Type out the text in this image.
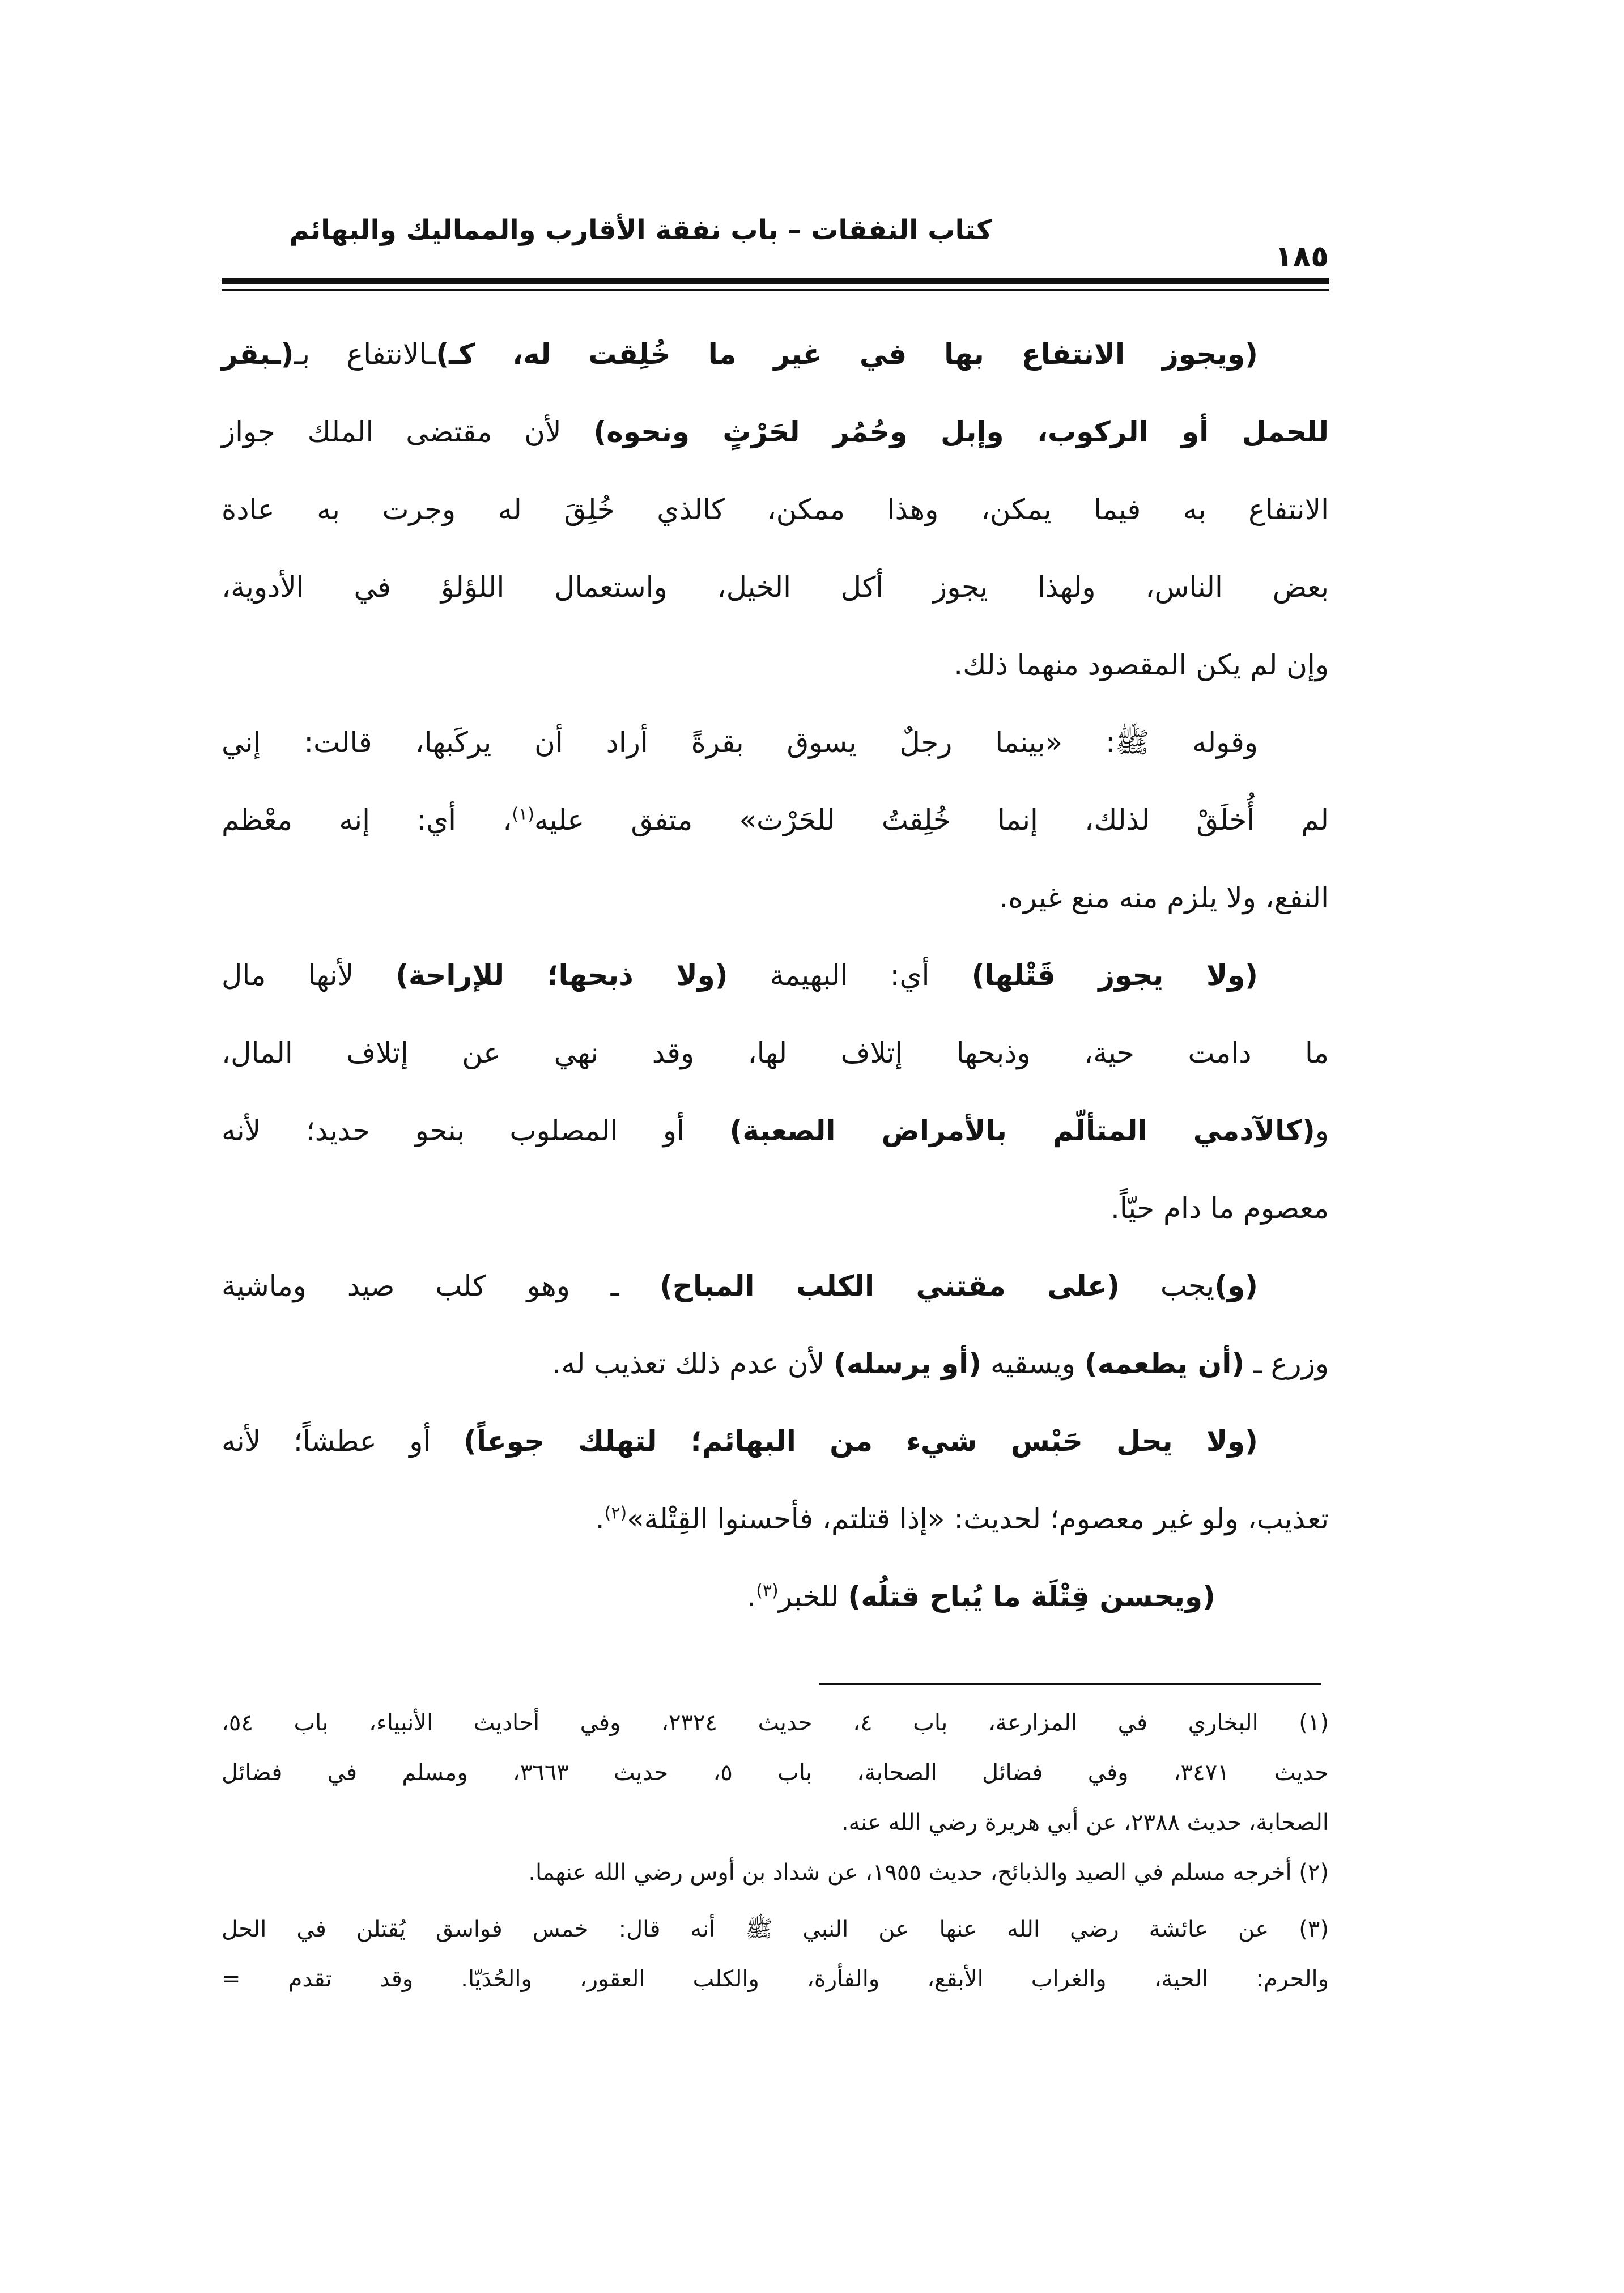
كتاب النفقات – باب نفقة الأقارب والمماليك والبهائم
١٨٥
(ويجوز الانتفاع بها في غير ما خُلِقت له، كـ)ـالانتفاع بـ(ـبقر
للحمل أو الركوب، وإبل وحُمُر لحَرْثٍ ونحوه) لأن مقتضى الملك جواز
الانتفاع به فيما يمكن، وهذا ممكن، كالذي خُلِقَ له وجرت به عادة
بعض الناس، ولهذا يجوز أكل الخيل، واستعمال اللؤلؤ في الأدوية،
وإن لم يكن المقصود منهما ذلك.
وقوله ﷺ: «بينما رجلٌ يسوق بقرةً أراد أن يركَبها، قالت: إني
لم أُخلَقْ لذلك، إنما خُلِقتُ للحَرْث» متفق عليه$^{(١)}$، أي: إنه معْظم
النفع، ولا يلزم منه منع غيره.
(ولا يجوز قَتْلها) أي: البهيمة (ولا ذبحها؛ للإراحة) لأنها مال
ما دامت حية، وذبحها إتلاف لها، وقد نهي عن إتلاف المال،
و(كالآدمي المتألّم بالأمراض الصعبة) أو المصلوب بنحو حديد؛ لأنه
معصوم ما دام حيّاً.
(و)يجب (على مقتني الكلب المباح) ـ وهو كلب صيد وماشية
وزرع ـ (أن يطعمه) ويسقيه (أو يرسله) لأن عدم ذلك تعذيب له.
(ولا يحل حَبْس شيء من البهائم؛ لتهلك جوعاً) أو عطشاً؛ لأنه
تعذيب، ولو غير معصوم؛ لحديث: «إذا قتلتم، فأحسنوا القِتْلة»$^{(٢)}$.
(ويحسن قِتْلَة ما يُباح قتلُه) للخبر$^{(٣)}$.
(١) البخاري في المزارعة، باب ٤، حديث ٢٣٢٤، وفي أحاديث الأنبياء، باب ٥٤،
حديث ٣٤٧١، وفي فضائل الصحابة، باب ٥، حديث ٣٦٦٣، ومسلم في فضائل
الصحابة، حديث ٢٣٨٨، عن أبي هريرة رضي الله عنه.
(٢) أخرجه مسلم في الصيد والذبائح، حديث ١٩٥٥، عن شداد بن أوس رضي الله عنهما.
(٣) عن عائشة رضي الله عنها عن النبي ﷺ أنه قال: خمس فواسق يُقتلن في الحل
والحرم: الحية، والغراب الأبقع، والفأرة، والكلب العقور، والحُدَيّا. وقد تقدم =
